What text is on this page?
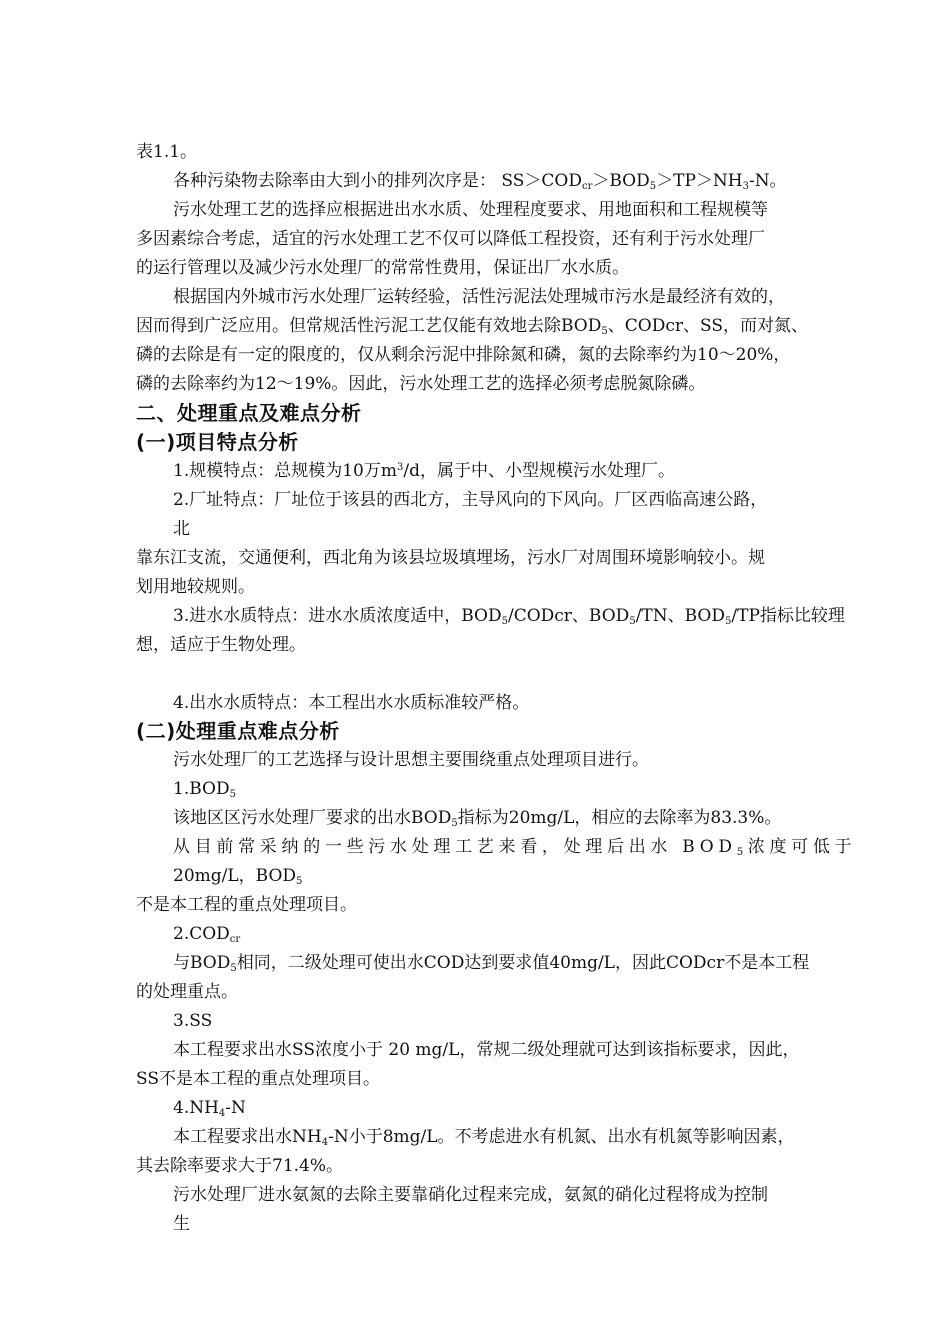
表1.1。
各种污染物去除率由大到小的排列次序是： $SS>COD_{cr}>BOD_5>TP>NH_3-N$。
污水处理工艺的选择应根据进出水水质、处理程度要求、用地面积和工程规模等
多因素综合考虑，适宜的污水处理工艺不仅可以降低工程投资，还有利于污水处理厂
的运行管理以及减少污水处理厂的常常性费用，保证出厂水水质。
根据国内外城市污水处理厂运转经验，活性污泥法处理城市污水是最经济有效的，
因而得到广泛应用。但常规活性污泥工艺仅能有效地去除$BOD_5$、CODcr、SS，而对氮、
磷的去除是有一定的限度的，仅从剩余污泥中排除氮和磷，氮的去除率约为10～20%，
磷的去除率约为12～19%。因此，污水处理工艺的选择必须考虑脱氮除磷。
二、处理重点及难点分析
(一)项目特点分析
1.规模特点：总规模为10万$m^3/d$，属于中、小型规模污水处理厂。
2.厂址特点：厂址位于该县的西北方，主导风向的下风向。厂区西临高速公路，
北
靠东江支流，交通便利，西北角为该县垃圾填埋场，污水厂对周围环境影响较小。规
划用地较规则。
3.进水水质特点：进水水质浓度适中，$BOD_5$/CODcr、$BOD_5/TN$、$BOD_5/TP$指标比较理
想，适应于生物处理。
4.出水水质特点：本工程出水水质标准较严格。
(二)处理重点难点分析
污水处理厂的工艺选择与设计思想主要围绕重点处理项目进行。
$1.BOD_5$
该地区区污水处理厂要求的出水$BOD_5$指标为20mg/L，相应的去除率为83.3%。
从目前常采纳的一些污水处理工艺来看，处理后出水 $BOD_5$浓度可低于
20mg/L，$BOD_5$
不是本工程的重点处理项目。
$2.COD_{cr}$
与$BOD_5$相同，二级处理可使出水COD达到要求值40mg/L，因此CODcr不是本工程
的处理重点。
3.SS
本工程要求出水SS浓度小于 20 mg/L，常规二级处理就可达到该指标要求，因此，
SS不是本工程的重点处理项目。
$4.NH_4-N$
本工程要求出水$NH_4-N$小于8mg/L。不考虑进水有机氮、出水有机氮等影响因素，
其去除率要求大于71.4%。
污水处理厂进水氨氮的去除主要靠硝化过程来完成，氨氮的硝化过程将成为控制
生
